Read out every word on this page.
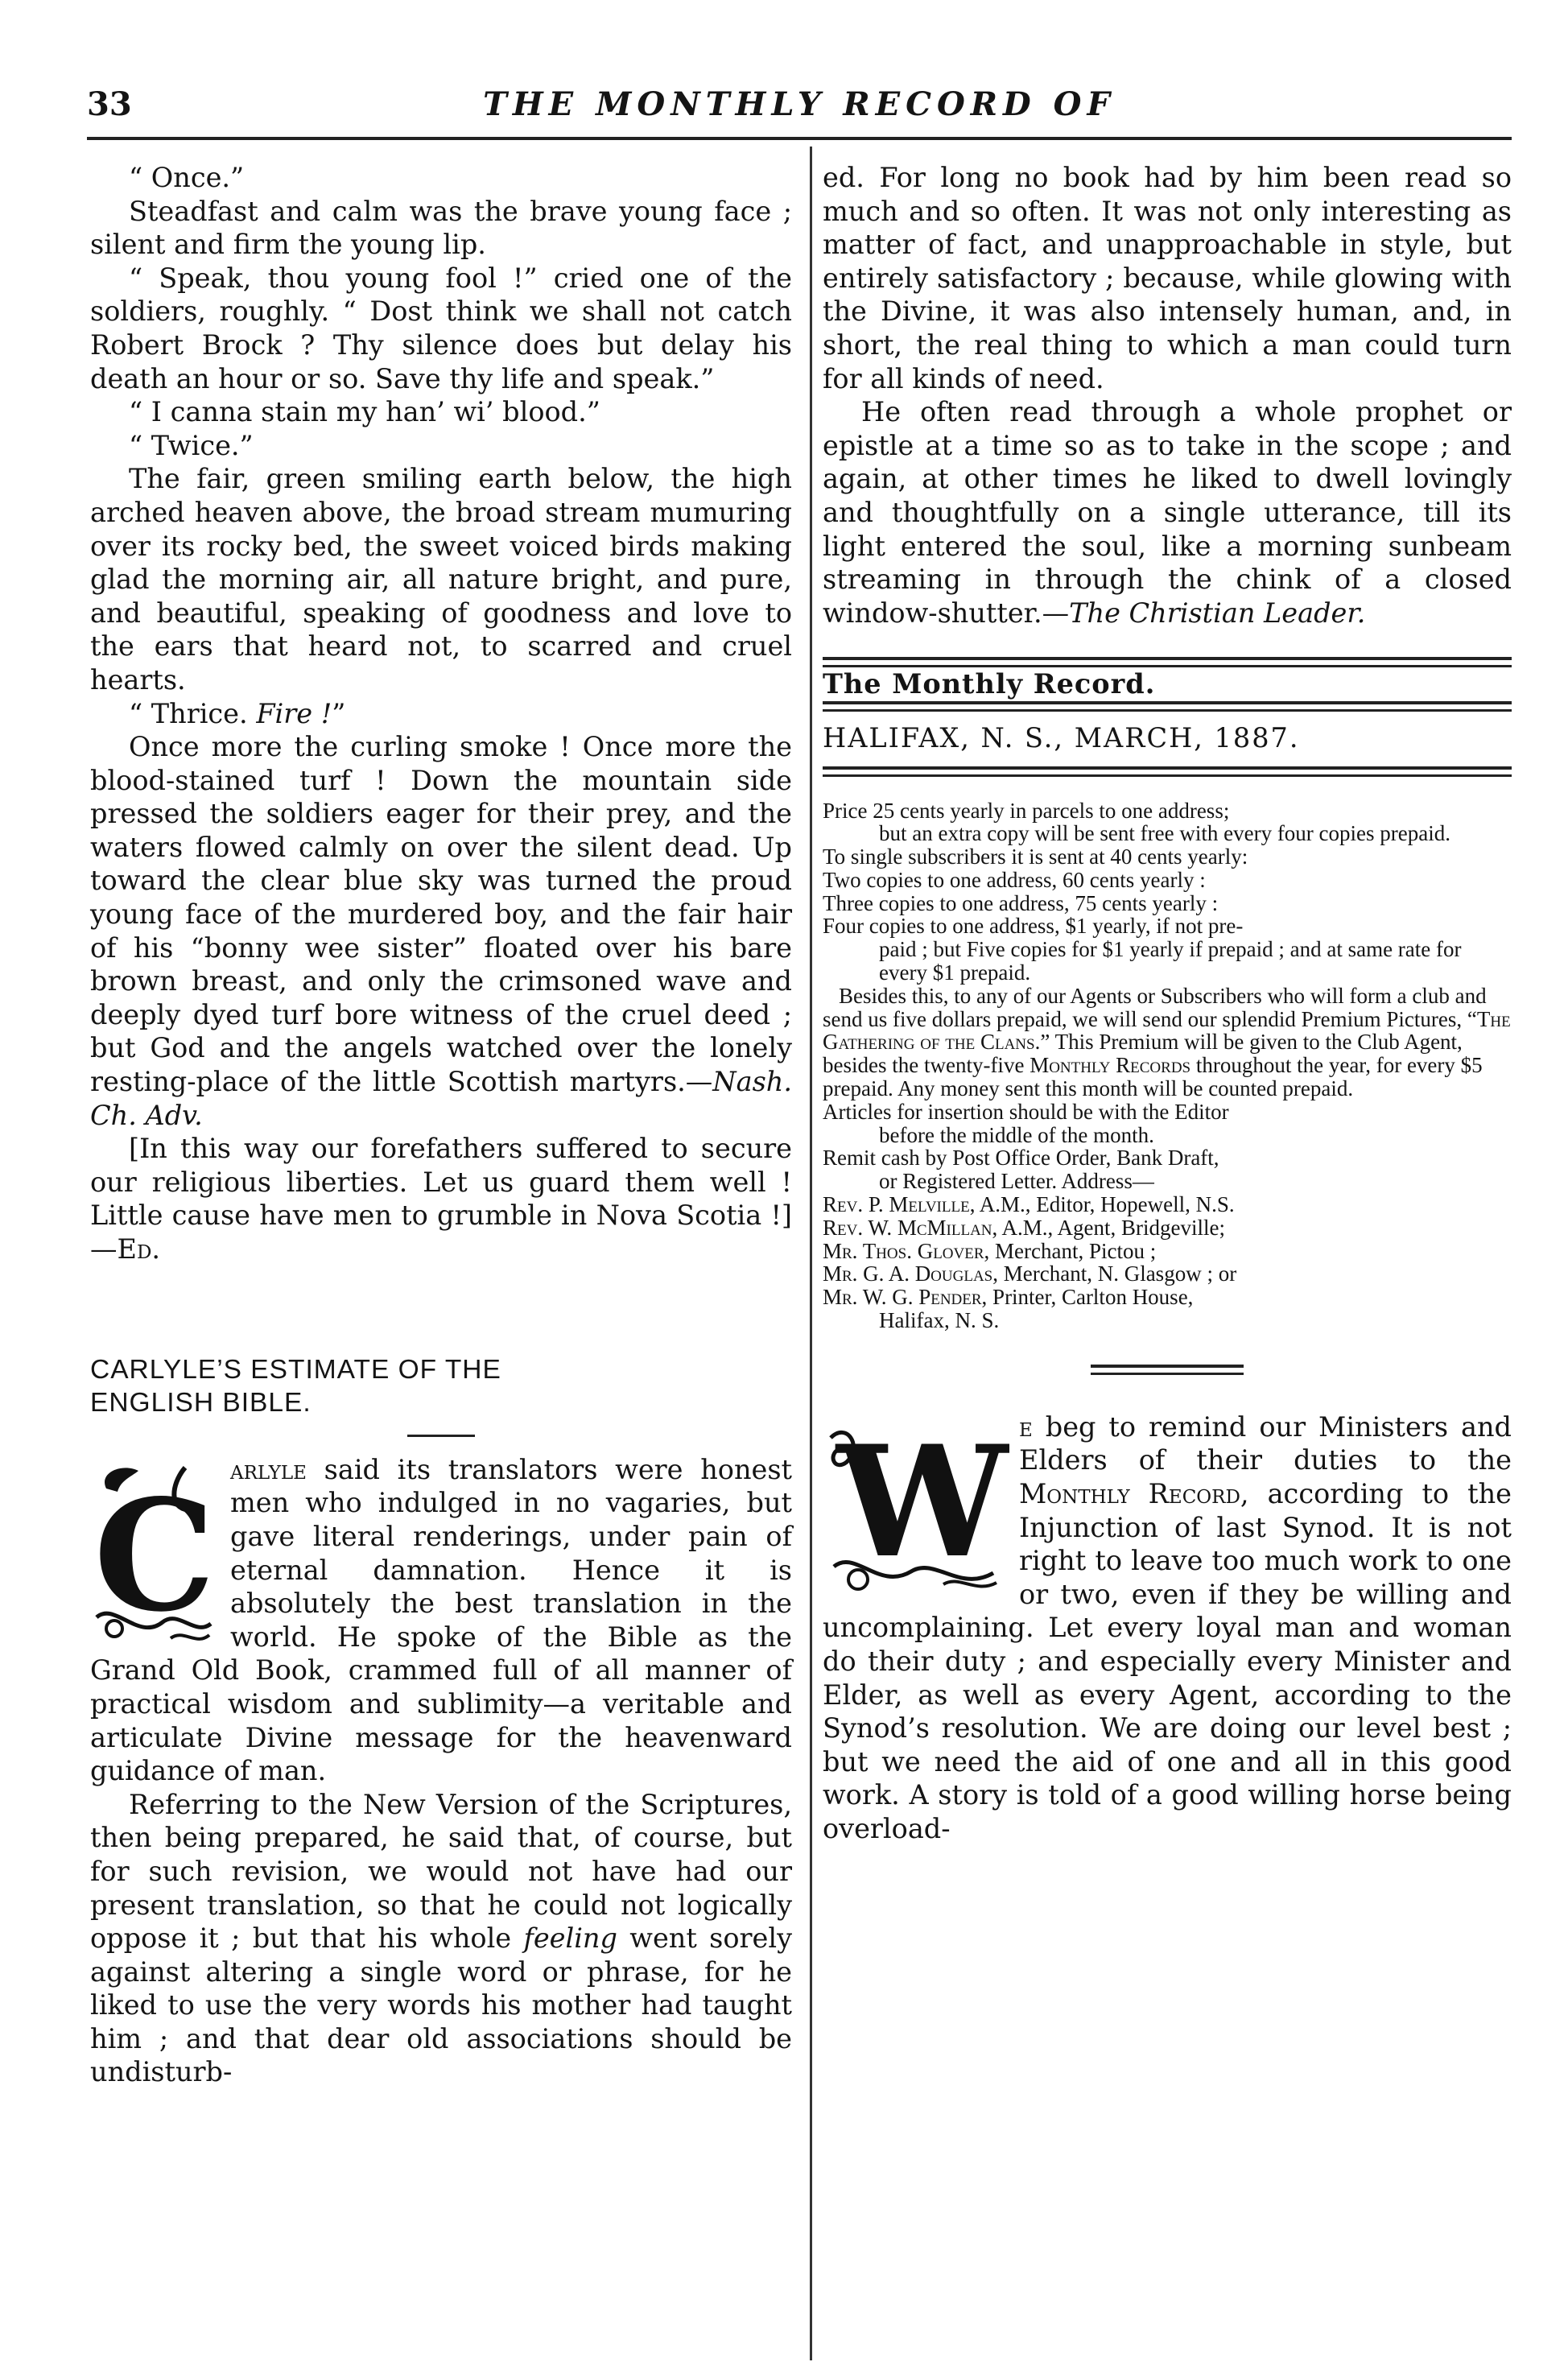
33	THE MONTHLY RECORD OF

“ Once.”

Steadfast and calm was the brave young face ; silent and firm the young lip.

“ Speak, thou young fool !” cried one of the soldiers, roughly. “ Dost think we shall not catch Robert Brock ? Thy silence does but delay his death an hour or so. Save thy life and speak.”

“ I canna stain my han’ wi’ blood.”

“ Twice.”

The fair, green smiling earth below, the high arched heaven above, the broad stream mumuring over its rocky bed, the sweet voiced birds making glad the morning air, all nature bright, and pure, and beautiful, speaking of goodness and love to the ears that heard not, to scarred and cruel hearts.

“ Thrice. Fire !”

Once more the curling smoke ! Once more the blood-stained turf ! Down the mountain side pressed the soldiers eager for their prey, and the waters flowed calmly on over the silent dead. Up toward the clear blue sky was turned the proud young face of the murdered boy, and the fair hair of his “bonny wee sister” floated over his bare brown breast, and only the crimsoned wave and deeply dyed turf bore witness of the cruel deed ; but God and the angels watched over the lonely resting-place of the little Scottish martyrs.—Nash. Ch. Adv.

[In this way our forefathers suffered to secure our religious liberties. Let us guard them well ! Little cause have men to grumble in Nova Scotia !]—Ed.

CARLYLE’S ESTIMATE OF THE

ENGLISH BIBLE.

C arlyle said its translators were honest men who indulged in no vagaries, but gave literal renderings, under pain of eternal damnation. Hence it is absolutely the best translation in the world. He spoke of the Bible as the Grand Old Book, crammed full of all manner of practical wisdom and sublimity—a veritable and articulate Divine message for the heavenward guidance of man.

Referring to the New Version of the Scriptures, then being prepared, he said that, of course, but for such revision, we would not have had our present translation, so that he could not logically oppose it ; but that his whole feeling went sorely against altering a single word or phrase, for he liked to use the very words his mother had taught him ; and that dear old associations should be undisturb-

ed. For long no book had by him been read so much and so often. It was not only interesting as matter of fact, and unapproachable in style, but entirely satisfactory ; because, while glowing with the Divine, it was also intensely human, and, in short, the real thing to which a man could turn for all kinds of need.

He often read through a whole prophet or epistle at a time so as to take in the scope ; and again, at other times he liked to dwell lovingly and thoughtfully on a single utterance, till its light entered the soul, like a morning sunbeam streaming in through the chink of a closed window-shutter.—The Christian Leader.

The Monthly Record.

HALIFAX, N. S., MARCH, 1887.

Price 25 cents yearly in parcels to one address;

but an extra copy will be sent free with every four copies prepaid.

To single subscribers it is sent at 40 cents yearly:

Two copies to one address, 60 cents yearly :

Three copies to one address, 75 cents yearly :

Four copies to one address, $1 yearly, if not pre-

paid ; but Five copies for $1 yearly if prepaid ; and at same rate for every $1 prepaid.

Besides this, to any of our Agents or Subscribers who will form a club and send us five dollars prepaid, we will send our splendid Premium Pictures, “The Gathering of the Clans.” This Premium will be given to the Club Agent, besides the twenty-five Monthly Records throughout the year, for every $5 prepaid. Any money sent this month will be counted prepaid.

Articles for insertion should be with the Editor

before the middle of the month.

Remit cash by Post Office Order, Bank Draft,

or Registered Letter. Address—

Rev. P. Melville, A.M., Editor, Hopewell, N.S.

Rev. W. McMillan, A.M., Agent, Bridgeville;

Mr. Thos. Glover, Merchant, Pictou ;

Mr. G. A. Douglas, Merchant, N. Glasgow ; or

Mr. W. G. Pender, Printer, Carlton House,

Halifax, N. S.

W e beg to remind our Ministers and Elders of their duties to the Monthly Record, according to the Injunction of last Synod. It is not right to leave too much work to one or two, even if they be willing and uncomplaining. Let every loyal man and woman do their duty ; and especially every Minister and Elder, as well as every Agent, according to the Synod’s resolution. We are doing our level best ; but we need the aid of one and all in this good work. A story is told of a good willing horse being overload-
